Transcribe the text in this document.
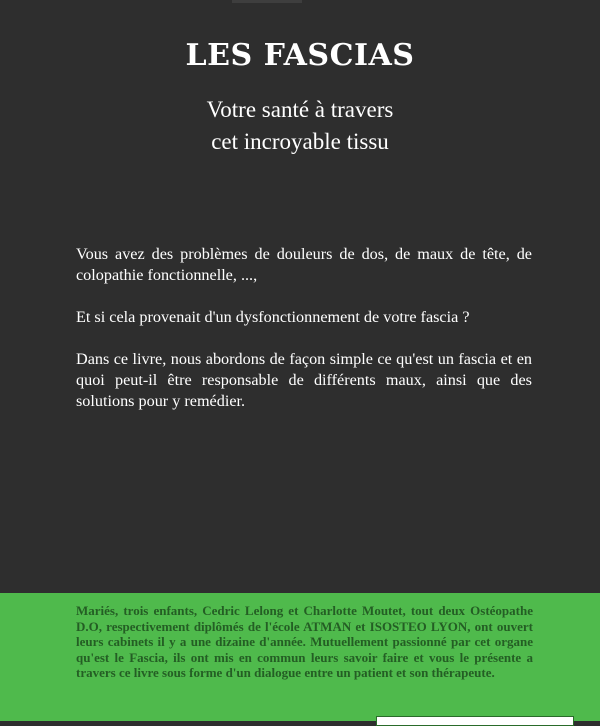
LES FASCIAS
Votre santé à travers
cet incroyable tissu

Vous avez des problèmes de douleurs de dos, de maux de tête, de colopathie fonctionnelle, ...,

Et si cela provenait d'un dysfonctionnement de votre fascia ?

Dans ce livre, nous abordons de façon simple ce qu'est un fascia et en quoi peut-il être responsable de différents maux, ainsi que des solutions pour y remédier.

Mariés, trois enfants, Cedric Lelong et Charlotte Moutet, tout deux Ostéopathe D.O, respectivement diplômés de l'école ATMAN et ISOSTEO LYON, ont ouvert leurs cabinets il y a une dizaine d'année. Mutuellement passionné par cet organe qu'est le Fascia, ils ont mis en commun leurs savoir faire et vous le présente a travers ce livre sous forme d'un dialogue entre un patient et son thérapeute.
